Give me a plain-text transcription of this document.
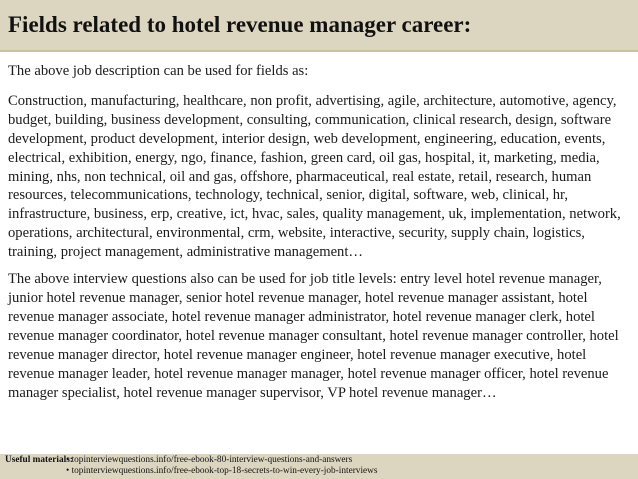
Fields related to hotel revenue manager career:

The above job description can be used for fields as:

Construction, manufacturing, healthcare, non profit, advertising, agile, architecture, automotive, agency, budget, building, business development, consulting, communication, clinical research, design, software development, product development, interior design, web development, engineering, education, events, electrical, exhibition, energy, ngo, finance, fashion, green card, oil gas, hospital, it, marketing, media, mining, nhs, non technical, oil and gas, offshore, pharmaceutical, real estate, retail, research, human resources, telecommunications, technology, technical, senior, digital, software, web, clinical, hr, infrastructure, business, erp, creative, ict, hvac, sales, quality management, uk, implementation, network, operations, architectural, environmental, crm, website, interactive, security, supply chain, logistics, training, project management, administrative management…

The above interview questions also can be used for job title levels: entry level hotel revenue manager, junior hotel revenue manager, senior hotel revenue manager, hotel revenue manager assistant, hotel revenue manager associate, hotel revenue manager administrator, hotel revenue manager clerk, hotel revenue manager coordinator, hotel revenue manager consultant, hotel revenue manager controller, hotel revenue manager director, hotel revenue manager engineer, hotel revenue manager executive, hotel revenue manager leader, hotel revenue manager manager, hotel revenue manager officer, hotel revenue manager specialist, hotel revenue manager supervisor, VP hotel revenue manager…

Useful materials:
• topinterviewquestions.info/free-ebook-80-interview-questions-and-answers
• topinterviewquestions.info/free-ebook-top-18-secrets-to-win-every-job-interviews
